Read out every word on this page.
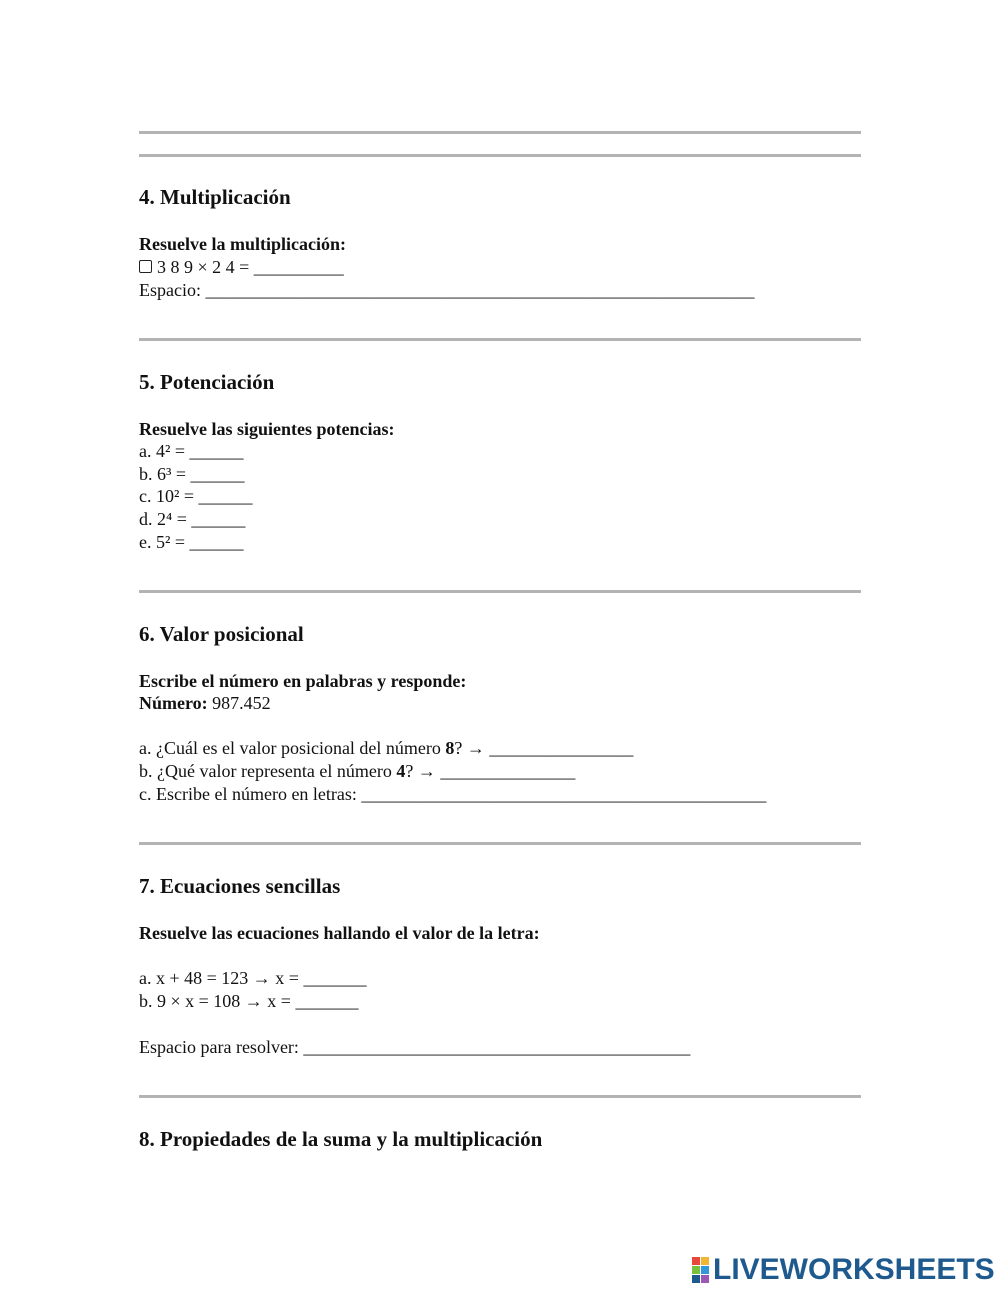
4. Multiplicación
Resuelve la multiplicación:
3 8 9 × 2 4 = __________
Espacio: _____________________________________________________________
5. Potenciación
Resuelve las siguientes potencias:
a. 4² = ______
b. 6³ = ______
c. 10² = ______
d. 2⁴ = ______
e. 5² = ______
6. Valor posicional
Escribe el número en palabras y responde:
Número: 987.452
a. ¿Cuál es el valor posicional del número 8? → ________________
b. ¿Qué valor representa el número 4? → _______________
c. Escribe el número en letras: _____________________________________________
7. Ecuaciones sencillas
Resuelve las ecuaciones hallando el valor de la letra:
a. x + 48 = 123 → x = _______
b. 9 × x = 108 → x = _______
Espacio para resolver: ___________________________________________
8. Propiedades de la suma y la multiplicación
LIVEWORKSHEETS
